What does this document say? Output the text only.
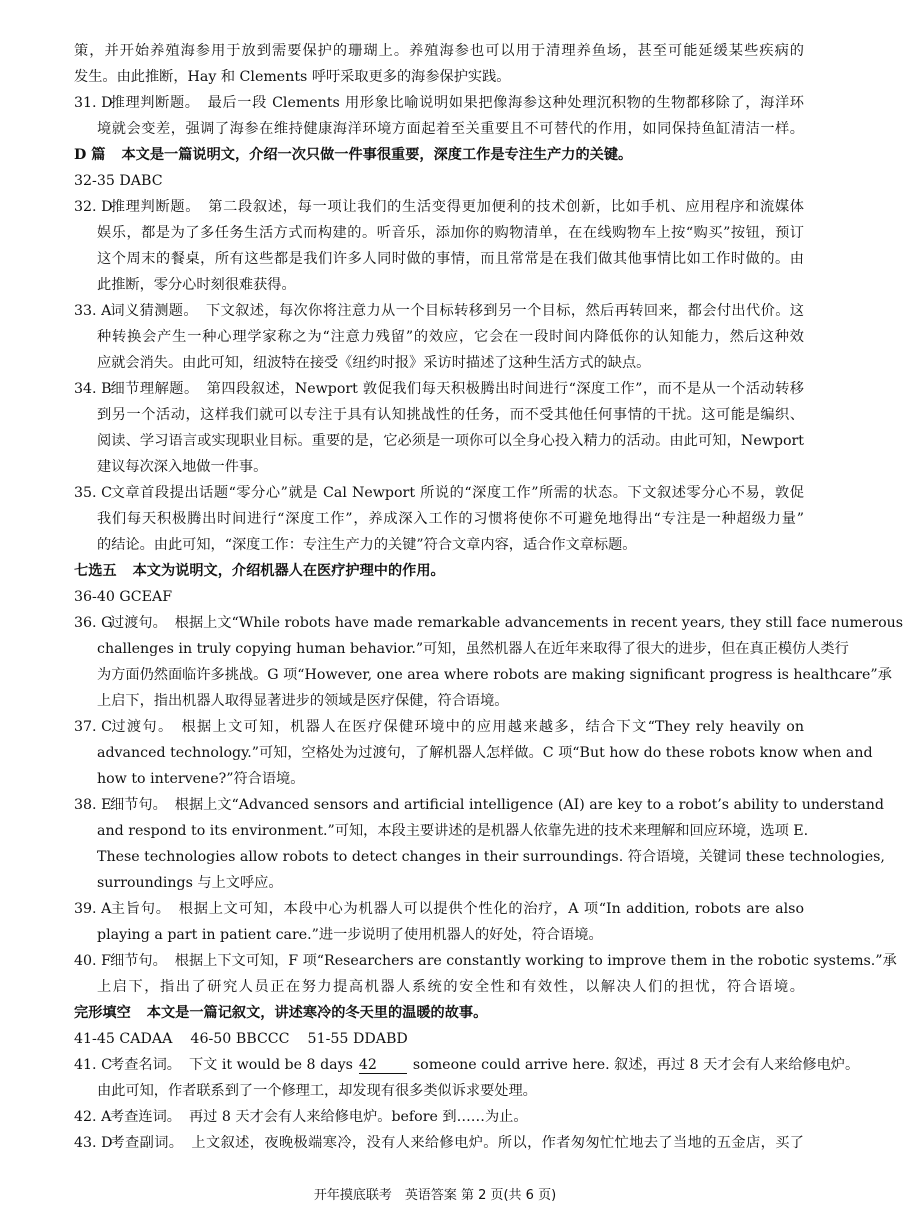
策，并开始养殖海参用于放到需要保护的珊瑚上。养殖海参也可以用于清理养鱼场，甚至可能延缓某些疾病的
发生。由此推断，Hay 和 Clements 呼吁采取更多的海参保护实践。
31. D推理判断题。 最后一段 Clements 用形象比喻说明如果把像海参这种处理沉积物的生物都移除了，海洋环
境就会变差，强调了海参在维持健康海洋环境方面起着至关重要且不可替代的作用，如同保持鱼缸清洁一样。
D 篇 本文是一篇说明文，介绍一次只做一件事很重要，深度工作是专注生产力的关键。
32-35 DABC
32. D推理判断题。 第二段叙述，每一项让我们的生活变得更加便利的技术创新，比如手机、应用程序和流媒体
娱乐，都是为了多任务生活方式而构建的。听音乐，添加你的购物清单，在在线购物车上按“购买”按钮，预订
这个周末的餐桌，所有这些都是我们许多人同时做的事情，而且常常是在我们做其他事情比如工作时做的。由
此推断，零分心时刻很难获得。
33. A词义猜测题。 下文叙述，每次你将注意力从一个目标转移到另一个目标，然后再转回来，都会付出代价。这
种转换会产生一种心理学家称之为“注意力残留”的效应，它会在一段时间内降低你的认知能力，然后这种效
应就会消失。由此可知，纽波特在接受《纽约时报》采访时描述了这种生活方式的缺点。
34. B细节理解题。 第四段叙述，Newport 敦促我们每天积极腾出时间进行“深度工作”，而不是从一个活动转移
到另一个活动，这样我们就可以专注于具有认知挑战性的任务，而不受其他任何事情的干扰。这可能是编织、
阅读、学习语言或实现职业目标。重要的是，它必须是一项你可以全身心投入精力的活动。由此可知，Newport
建议每次深入地做一件事。
35. C文章首段提出话题“零分心”就是 Cal Newport 所说的“深度工作”所需的状态。下文叙述零分心不易，敦促
我们每天积极腾出时间进行“深度工作”，养成深入工作的习惯将使你不可避免地得出“专注是一种超级力量”
的结论。由此可知，“深度工作：专注生产力的关键”符合文章内容，适合作文章标题。
七选五 本文为说明文，介绍机器人在医疗护理中的作用。
36-40 GCEAF
36. G过渡句。 根据上文“While robots have made remarkable advancements in recent years, they still face numerous
challenges in truly copying human behavior.”可知，虽然机器人在近年来取得了很大的进步，但在真正模仿人类行
为方面仍然面临许多挑战。G 项“However, one area where robots are making significant progress is healthcare”承
上启下，指出机器人取得显著进步的领域是医疗保健，符合语境。
37. C过渡句。 根据上文可知，机器人在医疗保健环境中的应用越来越多，结合下文“They rely heavily on
advanced technology.”可知，空格处为过渡句，了解机器人怎样做。C 项“But how do these robots know when and
how to intervene?”符合语境。
38. E细节句。 根据上文“Advanced sensors and artificial intelligence (AI) are key to a robot’s ability to understand
and respond to its environment.”可知，本段主要讲述的是机器人依靠先进的技术来理解和回应环境，选项 E.
These technologies allow robots to detect changes in their surroundings. 符合语境，关键词 these technologies,
surroundings 与上文呼应。
39. A主旨句。 根据上文可知，本段中心为机器人可以提供个性化的治疗，A 项“In addition, robots are also
playing a part in patient care.”进一步说明了使用机器人的好处，符合语境。
40. F细节句。 根据上下文可知，F 项“Researchers are constantly working to improve them in the robotic systems.”承
上启下，指出了研究人员正在努力提高机器人系统的安全性和有效性，以解决人们的担忧，符合语境。
完形填空 本文是一篇记叙文，讲述寒冷的冬天里的温暖的故事。
41-45 CADAA    46-50 BBCCC    51-55 DDABD
41. C考查名词。 下文 it would be 8 days 42	someone could arrive here. 叙述，再过 8 天才会有人来给修电炉。
由此可知，作者联系到了一个修理工，却发现有很多类似诉求要处理。
42. A考查连词。 再过 8 天才会有人来给修电炉。before 到……为止。
43. D考查副词。 上文叙述，夜晚极端寒冷，没有人来给修电炉。所以，作者匆匆忙忙地去了当地的五金店，买了
开年摸底联考　英语答案 第 2 页(共 6 页)
